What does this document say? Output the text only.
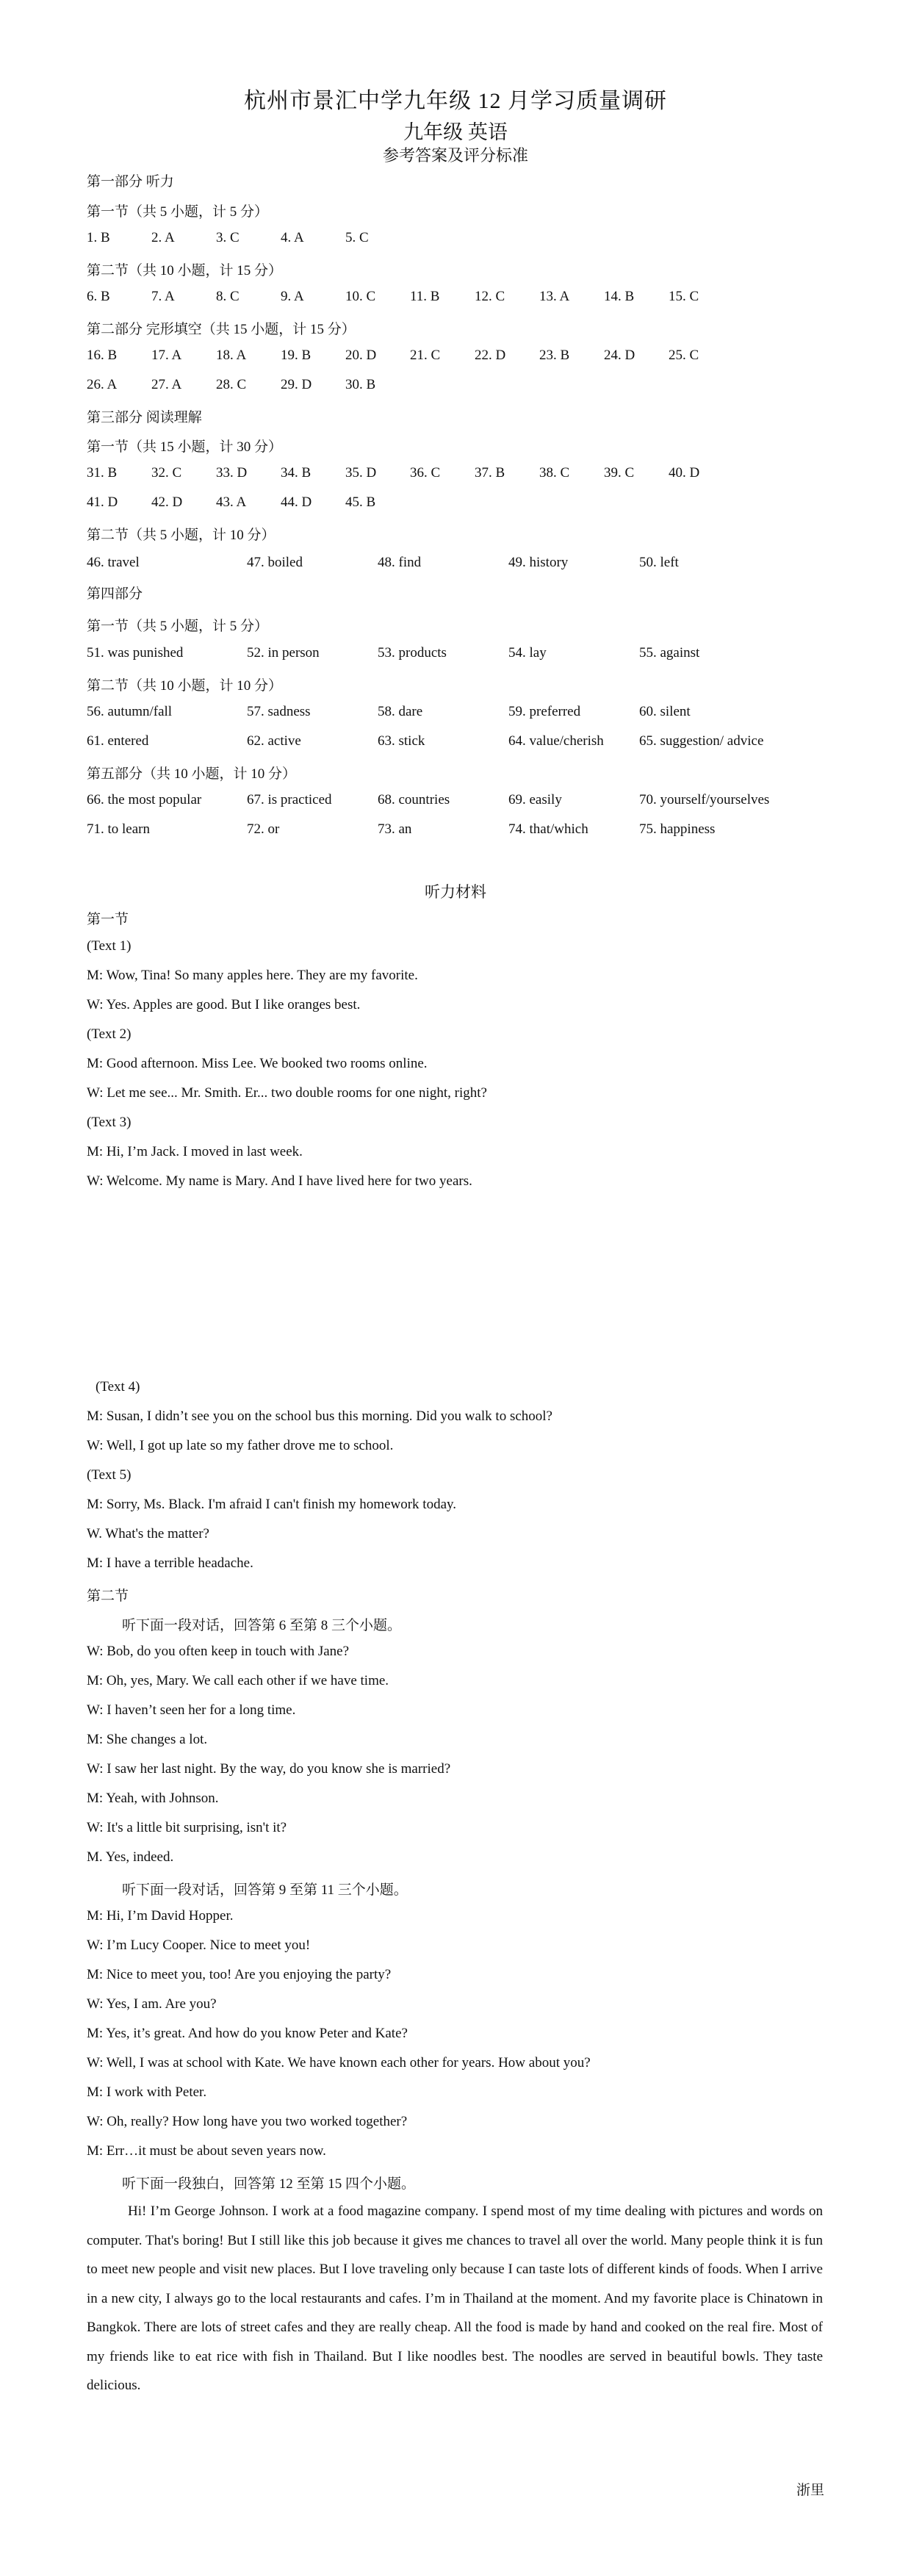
杭州市景汇中学九年级 12 月学习质量调研
九年级 英语
参考答案及评分标准
第一部分 听力
第一节（共 5 小题，计 5 分）
1. B	2. A	3. C	4. A	5. C
第二节（共 10 小题，计 15 分）
6. B	7. A	8. C	9. A	10. C 11. B	12. C 13. A 14. B 15. C
第二部分 完形填空（共 15 小题，计 15 分）
16. B 17. A 18. A 19. B 20. D 21. C 22. D 23. B 24. D 25. C
26. A 27. A 28. C 29. D 30. B
第三部分 阅读理解
第一节（共 15 小题，计 30 分）
31. B 32. C 33. D 34. B 35. D 36. C 37. B 38. C 39. C 40. D
41. D 42. D 43. A 44. D 45. B
第二节（共 5 小题，计 10 分）
46. travel	47. boiled	48. find	49. history	50. left
第四部分
第一节（共 5 小题，计 5 分）
51. was punished	52. in person	53. products	54. lay	55. against
第二节（共 10 小题，计 10 分）
56. autumn/fall	57. sadness	58. dare	59. preferred	60. silent
61. entered	62. active	63. stick	64. value/cherish	65. suggestion/ advice
第五部分（共 10 小题，计 10 分）
66. the most popular	67. is practiced	68. countries	69. easily	70. yourself/yourselves
71. to learn	72. or	73. an	74. that/which	75. happiness
听力材料
第一节
(Text 1)
M: Wow, Tina! So many apples here. They are my favorite.
W: Yes. Apples are good. But I like oranges best.
(Text 2)
M: Good afternoon. Miss Lee. We booked two rooms online.
W: Let me see... Mr. Smith. Er... two double rooms for one night, right?
(Text 3)
M: Hi, I’m Jack. I moved in last week.
W: Welcome. My name is Mary. And I have lived here for two years.
(Text 4)
M: Susan, I didn’t see you on the school bus this morning. Did you walk to school?
W: Well, I got up late so my father drove me to school.
(Text 5)
M: Sorry, Ms. Black. I'm afraid I can't finish my homework today.
W. What's the matter?
M: I have a terrible headache.
第二节
听下面一段对话，回答第 6 至第 8 三个小题。
W: Bob, do you often keep in touch with Jane?
M: Oh, yes, Mary. We call each other if we have time.
W: I haven’t seen her for a long time.
M: She changes a lot.
W: I saw her last night. By the way, do you know she is married?
M: Yeah, with Johnson.
W: It's a little bit surprising, isn't it?
M. Yes, indeed.
听下面一段对话，回答第 9 至第 11 三个小题。
M: Hi, I’m David Hopper.
W: I’m Lucy Cooper. Nice to meet you!
M: Nice to meet you, too! Are you enjoying the party?
W: Yes, I am. Are you?
M: Yes, it’s great. And how do you know Peter and Kate?
W: Well, I was at school with Kate. We have known each other for years. How about you?
M: I work with Peter.
W: Oh, really? How long have you two worked together?
M: Err…it must be about seven years now.
听下面一段独白，回答第 12 至第 15 四个小题。
Hi! I’m George Johnson. I work at a food magazine company. I spend most of my time dealing with pictures and words on computer. That's boring! But I still like this job because it gives me chances to travel all over the world. Many people think it is fun to meet new people and visit new places. But I love traveling only because I can taste lots of different kinds of foods. When I arrive in a new city, I always go to the local restaurants and cafes. I’m in Thailand at the moment. And my favorite place is Chinatown in Bangkok. There are lots of street cafes and they are really cheap. All the food is made by hand and cooked on the real fire. Most of my friends like to eat rice with fish in Thailand. But I like noodles best. The noodles are served in beautiful bowls. They taste delicious.
浙里
